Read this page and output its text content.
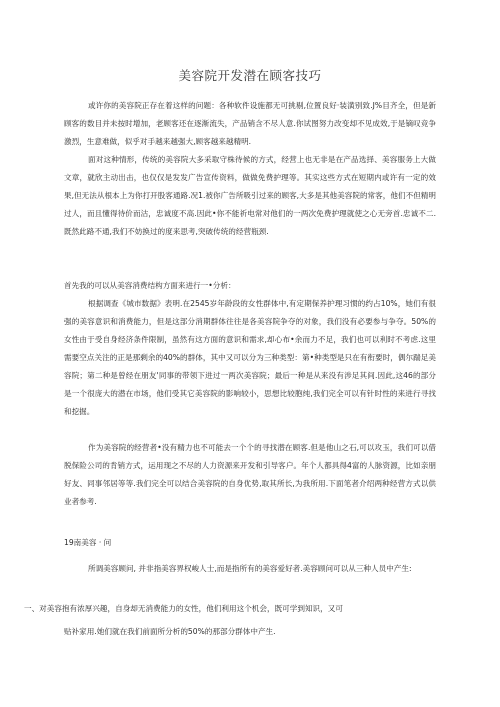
美容院开发潜在顾客技巧
或许你的美容院正存在着这样的问题：各种软件设施都无可挑剔,位置良好·装潢别致.J%目齐全，但是新顾客的数目并未按时增加，老顾客还在逐渐流失，产品销含不尽人意.你试图努力改变却不见成效,于是镝叹竞争激烈，生意难做，似乎对手越来越强大,顾客越来越精明.
面对这种情形，传统的美容院大多采取守株待候的方式，经营上也无非是在产品选择、美容服务上大做文章，就欣主动出击，也仅仅是发发广告宣传资料，做做免费护理等。其实这些方式在短期内或许有一定的效果,但无法从根本上为你打开股客通路.况1.被你广告所吸引过来的顾客,大多是其他美容院的常客，他们不但精明过人，而且懂得待价而沽，忠诚度不高.因此•你不能祈电常对他们的一两次免费护理就使之心无旁首.忠诚不二.既然此路不通,我们不妨换过的度来思考,突破传统的经营瓶颈.
首先我的可以从美容消费结构方面来进行一•分析：
根据调查《城市数据》表明.在2545岁年龄段的女性群体中,有定期保养护理习惯的约占10%，她们有很强的美容意识和消费能力，但是这部分消期群体往往是各美容院争夺的对象，我们没有必要参与争夺。50%的女性由于受自身经济条件限制，虽然有这方面的意识和需求,却心布•余而力不足，我们也可以利时不考虑.这里需要空点关注的正是那剩余的40%的群体，其中又可以分为三种类型：第•种类型是只在有衔要时，偶尔踹足美容院；第二种是曾经在朋友'同事的带领下进过一两次美容院；最后一种是从来没有涉足其间.因此,这46的部分是一个很庞大的潜在市场，他们受其它美容院的影响较小，思想比较胞纯,我们完全可以有针时性的来进行寻找和挖掘。
作为美容院的经营者•没有精力也不可能去一个个的寻找潜在顾客.但是他山之石,可以攻玉，我们可以借脱保险公司的肯销方式，运用现之不尽的人力资源来开发和引导客户。年个人都具得4富的人脉资源，比如亲朋好友、同事邻居等等.我们完全可以结合美容院的自身优势,取其所长,为我所用.下面笔者介绍两种经营方式以供业者参考.
19南美容 · 问
所调美容顾问, 并非指美容界权峻人士,而是指所有的美容爱好者.美容顾问可以从三种人员中产生:
一、对美容抱有浓厚兴趣，自身却无消费能力的女性，他们利用这个机会，既可学到知识，又可
贴补家用.她们就在我们前面所分析的50%的那部分群体中产生.
